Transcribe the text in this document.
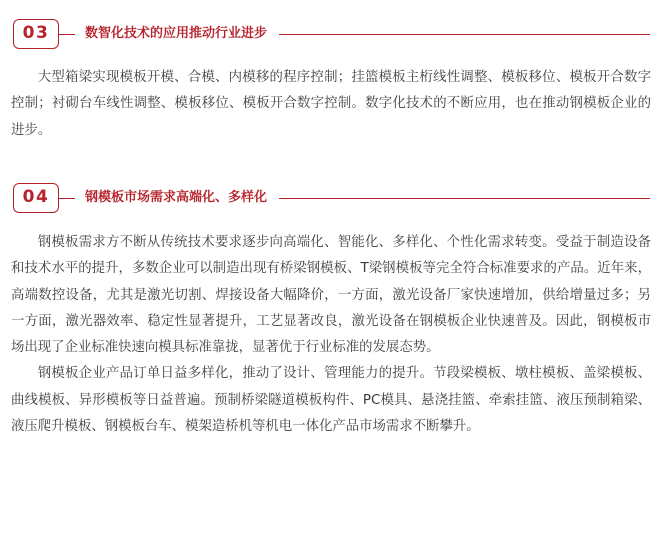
03	数智化技术的应用推动行业进步

大型箱梁实现模板开模、合模、内模移的程序控制；挂篮模板主桁线性调整、模板移位、模板开合数字控制；衬砌台车线性调整、模板移位、模板开合数字控制。数字化技术的不断应用，也在推动钢模板企业的进步。

04	钢模板市场需求高端化、多样化

钢模板需求方不断从传统技术要求逐步向高端化、智能化、多样化、个性化需求转变。受益于制造设备和技术水平的提升，多数企业可以制造出现有桥梁钢模板、T梁钢模板等完全符合标准要求的产品。近年来，高端数控设备，尤其是激光切割、焊接设备大幅降价，一方面，激光设备厂家快速增加，供给增量过多；另一方面，激光器效率、稳定性显著提升，工艺显著改良，激光设备在钢模板企业快速普及。因此，钢模板市场出现了企业标准快速向模具标准靠拢，显著优于行业标准的发展态势。

钢模板企业产品订单日益多样化，推动了设计、管理能力的提升。节段梁模板、墩柱模板、盖梁模板、曲线模板、异形模板等日益普遍。预制桥梁隧道模板构件、PC模具、悬浇挂篮、牵索挂篮、液压预制箱梁、液压爬升模板、钢模板台车、模架造桥机等机电一体化产品市场需求不断攀升。
